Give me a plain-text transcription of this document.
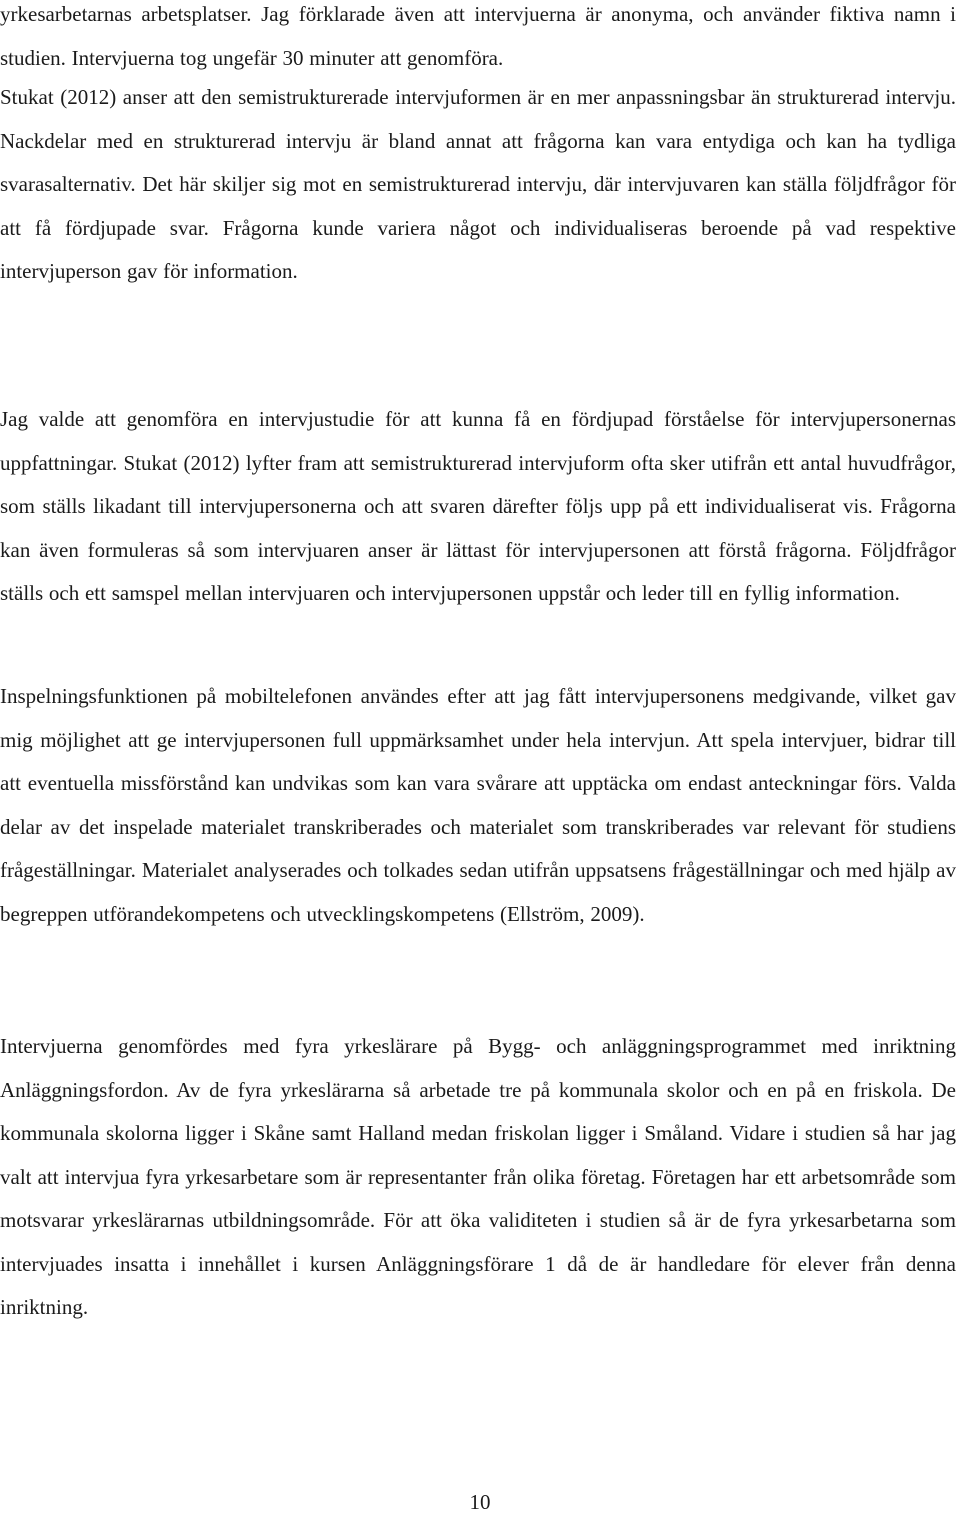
yrkesarbetarnas arbetsplatser. Jag förklarade även att intervjuerna är anonyma, och använder fiktiva namn i studien. Intervjuerna tog ungefär 30 minuter att genomföra.

Stukat (2012) anser att den semistrukturerade intervjuformen är en mer anpassningsbar än strukturerad intervju. Nackdelar med en strukturerad intervju är bland annat att frågorna kan vara entydiga och kan ha tydliga svarasalternativ. Det här skiljer sig mot en semistrukturerad intervju, där intervjuvaren kan ställa följdfrågor för att få fördjupade svar. Frågorna kunde variera något och individualiseras beroende på vad respektive intervjuperson gav för information.

Jag valde att genomföra en intervjustudie för att kunna få en fördjupad förståelse för intervjupersonernas uppfattningar. Stukat (2012) lyfter fram att semistrukturerad intervjuform ofta sker utifrån ett antal huvudfrågor, som ställs likadant till intervjupersonerna och att svaren därefter följs upp på ett individualiserat vis. Frågorna kan även formuleras så som intervjuaren anser är lättast för intervjupersonen att förstå frågorna. Följdfrågor ställs och ett samspel mellan intervjuaren och intervjupersonen uppstår och leder till en fyllig information.

Inspelningsfunktionen på mobiltelefonen användes efter att jag fått intervjupersonens medgivande, vilket gav mig möjlighet att ge intervjupersonen full uppmärksamhet under hela intervjun. Att spela intervjuer, bidrar till att eventuella missförstånd kan undvikas som kan vara svårare att upptäcka om endast anteckningar förs. Valda delar av det inspelade materialet transkriberades och materialet som transkriberades var relevant för studiens frågeställningar. Materialet analyserades och tolkades sedan utifrån uppsatsens frågeställningar och med hjälp av begreppen utförandekompetens och utvecklingskompetens (Ellström, 2009).

Intervjuerna genomfördes med fyra yrkeslärare på Bygg- och anläggningsprogrammet med inriktning Anläggningsfordon. Av de fyra yrkeslärarna så arbetade tre på kommunala skolor och en på en friskola. De kommunala skolorna ligger i Skåne samt Halland medan friskolan ligger i Småland. Vidare i studien så har jag valt att intervjua fyra yrkesarbetare som är representanter från olika företag. Företagen har ett arbetsområde som motsvarar yrkeslärarnas utbildningsområde. För att öka validiteten i studien så är de fyra yrkesarbetarna som intervjuades insatta i innehållet i kursen Anläggningsförare 1 då de är handledare för elever från denna inriktning.

10
